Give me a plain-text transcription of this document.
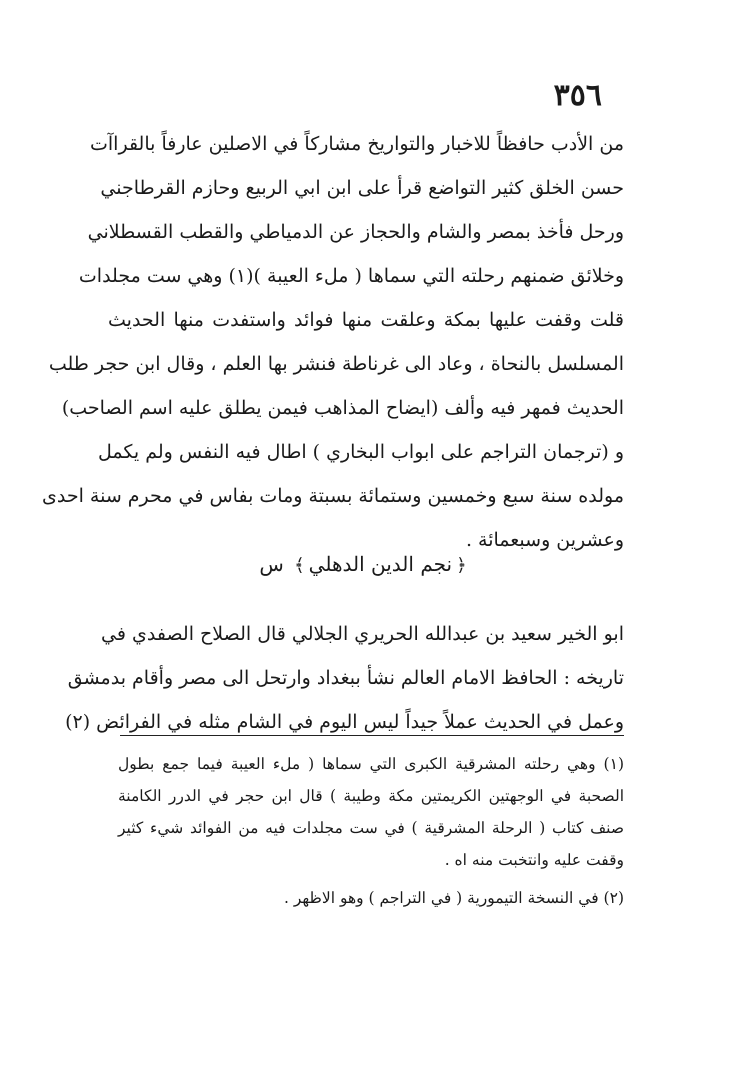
٣٥٦
من الأدب حافظاً للاخبار والتواريخ مشاركاً في الاصلين عارفاً بالقراآت
حسن الخلق كثير التواضع قرأ على ابن ابي الربيع وحازم القرطاجني
ورحل فأخذ بمصر والشام والحجاز عن الدمياطي والقطب القسطلاني
وخلائق ضمنهم رحلته التي سماها ( مل‌ء العيبة )(١) وهي ست مجلدات
قلت وقفت عليها بمكة وعلقت منها فوائد واستفدت منها الحديث
المسلسل بالنحاة ، وعاد الى غرناطة فنشر بها العلم ، وقال ابن حجر طلب
الحديث فمهر فيه وألف (ايضاح المذاهب فيمن يطلق عليه اسم الصاحب)
و (ترجمان التراجم على ابواب البخاري ) اطال فيه النفس ولم يكمل
مولده سنة سبع وخمسين وستمائة بسبتة ومات بفاس في محرم سنة احدى
وعشرين وسبعمائة .
﴿نجم الدين الدهلي﴾ س
ابو الخير سعيد بن عبدالله الحريري الجلالي قال الصلاح الصفدي في
تاريخه : الحافظ الامام العالم نشأ ببغداد وارتحل الى مصر وأقام بدمشق
وعمل في الحديث عملاً جيداً ليس اليوم في الشام مثله في الفرائض (٢)
(١) وهي رحلته المشرقية الكبرى التي سماها ( مل‌ء العيبة فيما جمع بطول
الصحبة في الوجهتين الكريمتين مكة وطيبة ) قال ابن حجر في الدرر الكامنة
صنف كتاب ( الرحلة المشرقية ) في ست مجلدات فيه من الفوائد شيء كثير
وقفت عليه وانتخبت منه اه .
(٢) في النسخة التيمورية ( في التراجم ) وهو الاظهر .
